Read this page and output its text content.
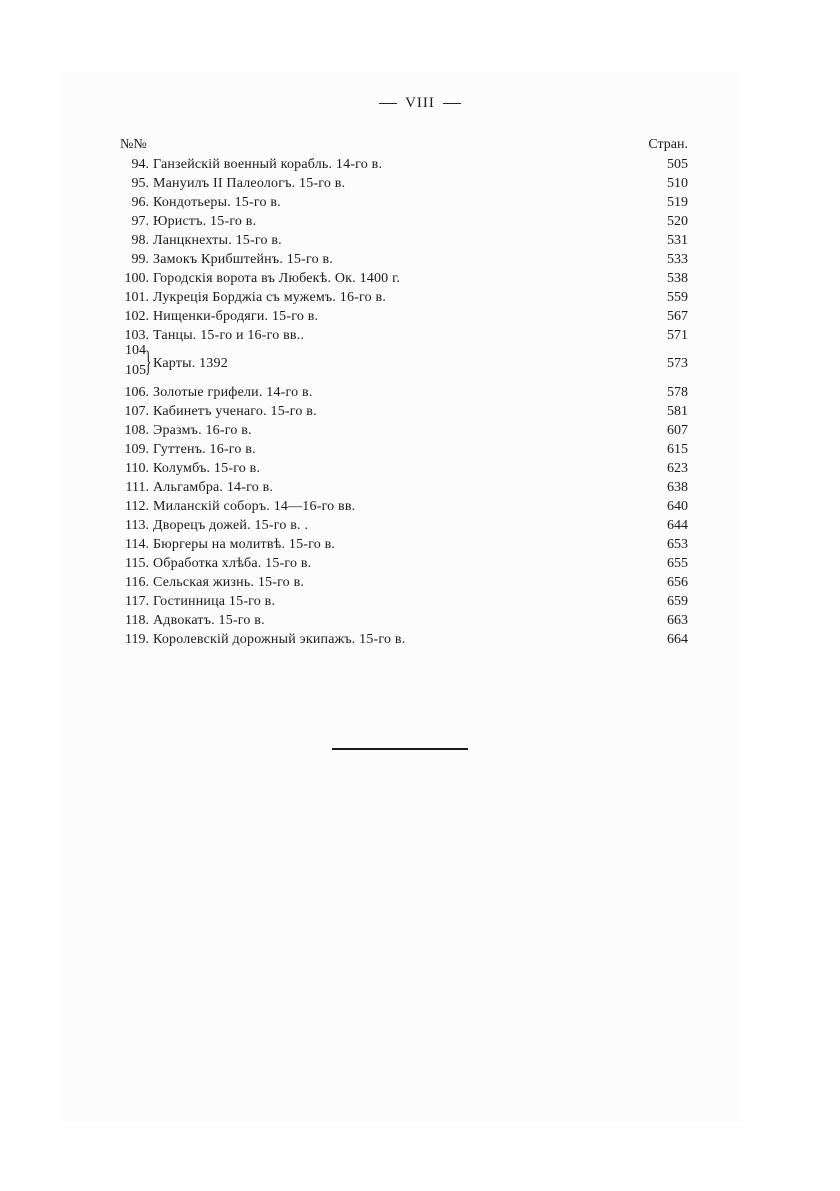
VIII
№№	Стран.
94. Ганзейскій военный корабль. 14-го в.	505
95. Мануилъ II Палеологъ. 15-го в.	510
96. Кондотьеры. 15-го в.	519
97. Юристъ. 15-го в.	520
98. Ланцкнехты. 15-го в.	531
99. Замокъ Крибштейнъ. 15-го в.	533
100. Городскія ворота въ Любекѣ. Ок. 1400 г.	538
101. Лукреція Борджіа съ мужемъ. 16-го в.	559
102. Нищенки-бродяги. 15-го в.	567
103. Танцы. 15-го и 16-го вв..	571
104
105 } Карты. 1392	573
106. Золотые грифели. 14-го в.	578
107. Кабинетъ ученаго. 15-го в.	581
108. Эразмъ. 16-го в.	607
109. Гуттенъ. 16-го в.	615
110. Колумбъ. 15-го в.	623
111. Альгамбра. 14-го в.	638
112. Миланскій соборъ. 14—16-го вв.	640
113. Дворецъ дожей. 15-го в. .	644
114. Бюргеры на молитвѣ. 15-го в.	653
115. Обработка хлѣба. 15-го в.	655
116. Сельская жизнь. 15-го в.	656
117. Гостинница 15-го в.	659
118. Адвокатъ. 15-го в.	663
119. Королевскій дорожный экипажъ. 15-го в.	664
